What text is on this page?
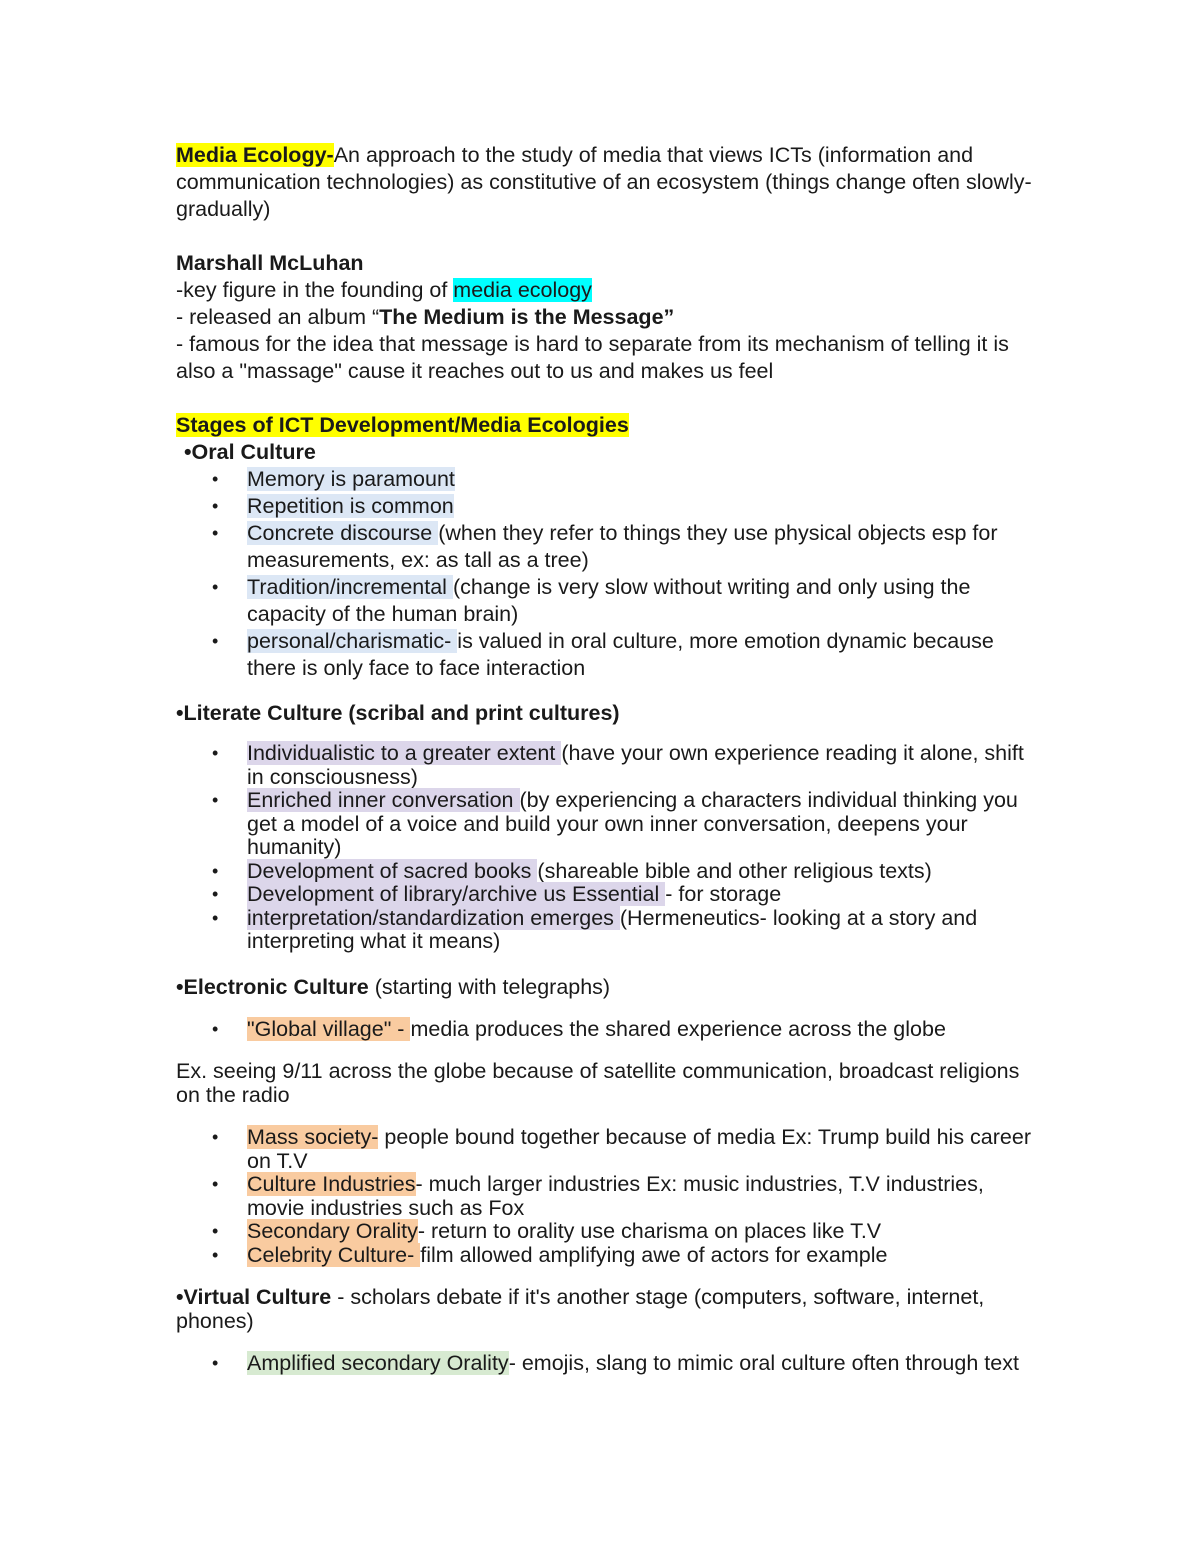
Media Ecology-An approach to the study of media that views ICTs (information and communication technologies) as constitutive of an ecosystem (things change often slowly-gradually)

Marshall McLuhan

-key figure in the founding of media ecology

- released an album “The Medium is the Message”

- famous for the idea that message is hard to separate from its mechanism of telling it is also a "massage" cause it reaches out to us and makes us feel

Stages of ICT Development/Media Ecologies

•Oral Culture

• Memory is paramount
• Repetition is common
• Concrete discourse (when they refer to things they use physical objects esp for measurements, ex: as tall as a tree)
• Tradition/incremental (change is very slow without writing and only using the capacity of the human brain)
• personal/charismatic- is valued in oral culture, more emotion dynamic because there is only face to face interaction

•Literate Culture (scribal and print cultures)

• Individualistic to a greater extent (have your own experience reading it alone, shift in consciousness)
• Enriched inner conversation (by experiencing a characters individual thinking you get a model of a voice and build your own inner conversation, deepens your humanity)
• Development of sacred books (shareable bible and other religious texts)
• Development of library/archive us Essential - for storage
• interpretation/standardization emerges (Hermeneutics- looking at a story and interpreting what it means)

•Electronic Culture (starting with telegraphs)

• "Global village" - media produces the shared experience across the globe

Ex. seeing 9/11 across the globe because of satellite communication, broadcast religions on the radio

• Mass society- people bound together because of media Ex: Trump build his career on T.V
• Culture Industries- much larger industries Ex: music industries, T.V industries, movie industries such as Fox
• Secondary Orality- return to orality use charisma on places like T.V
• Celebrity Culture- film allowed amplifying awe of actors for example

•Virtual Culture - scholars debate if it's another stage (computers, software, internet, phones)

• Amplified secondary Orality- emojis, slang to mimic oral culture often through text
